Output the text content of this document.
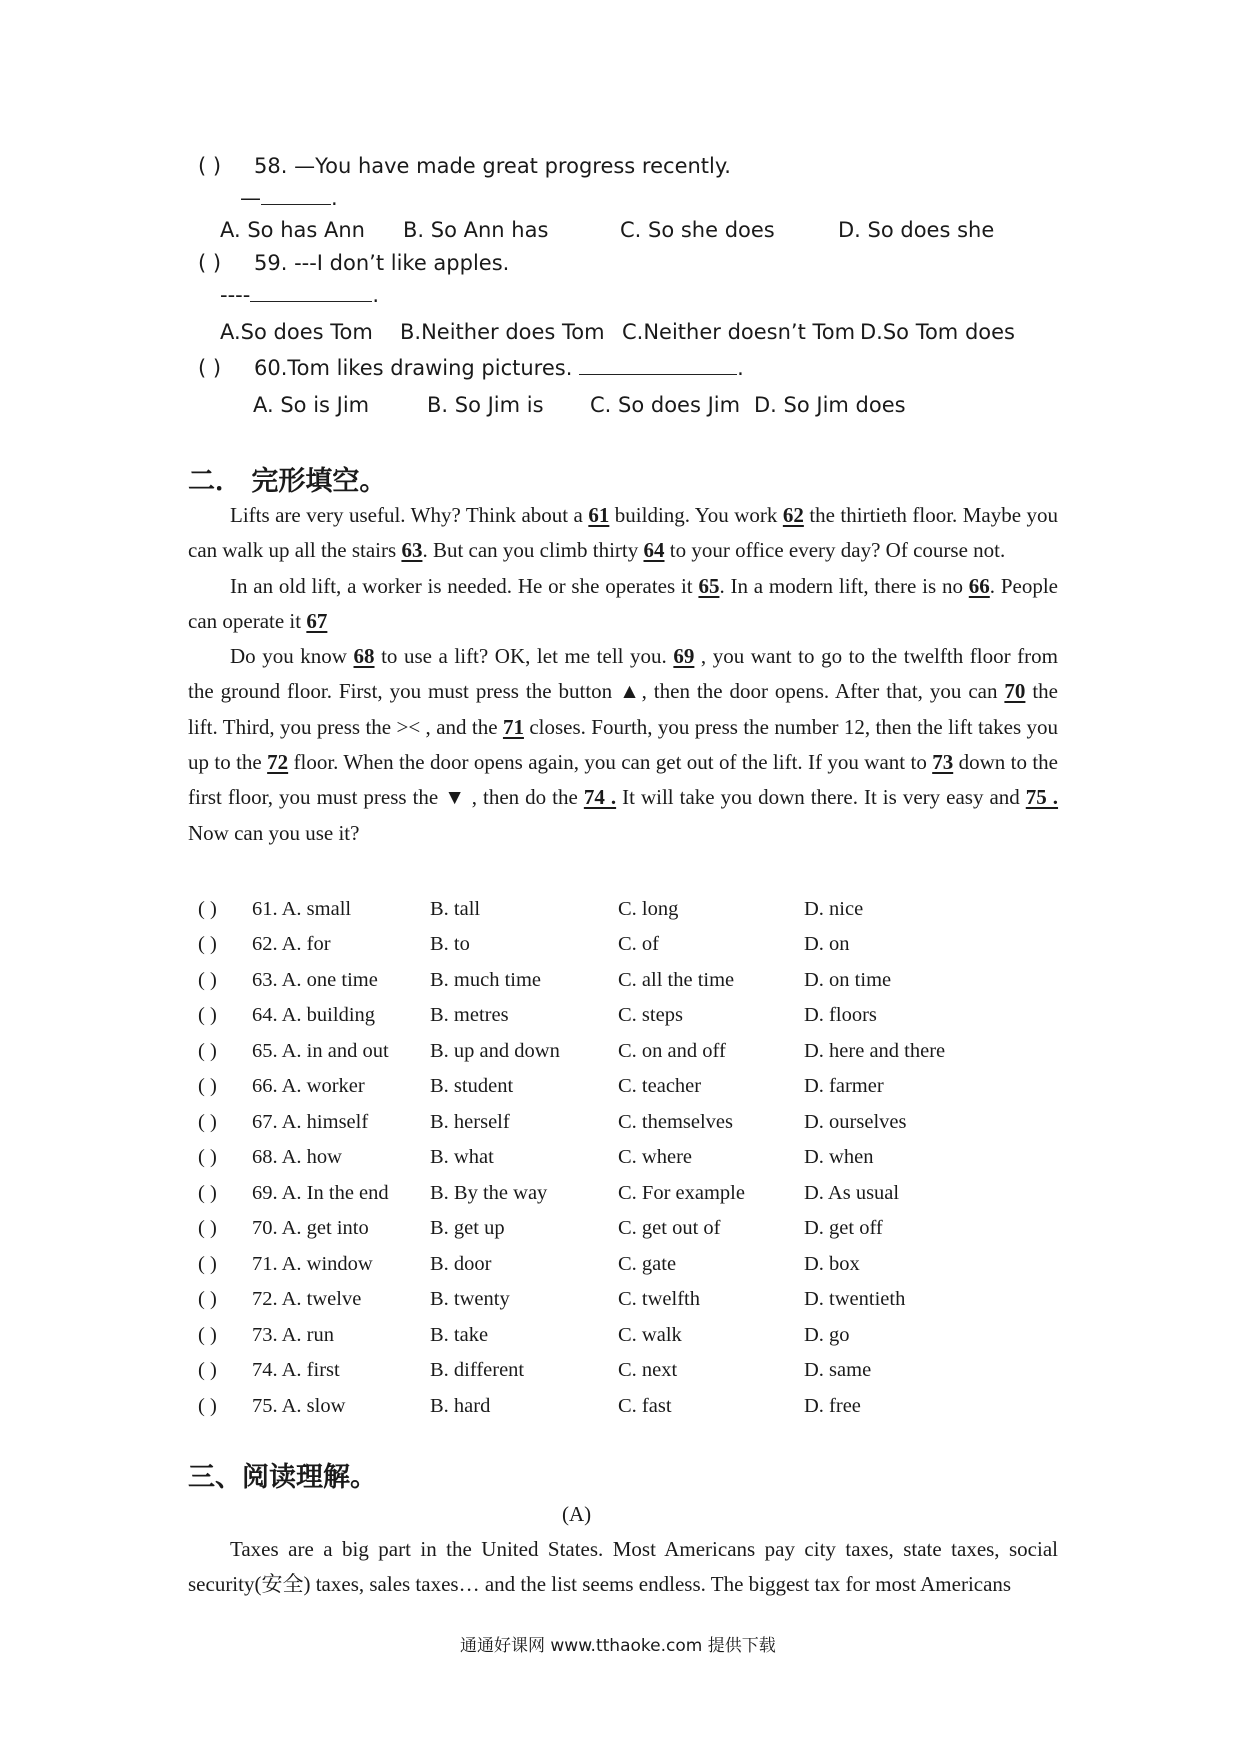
( ) 58. —You have made great progress recently.
—	.
A. So has Ann B. So Ann has	C. So she does	D. So does she
( ) 59. ---I don’t like apples.
----	.
A.So does Tom B.Neither does Tom C.Neither doesn’t Tom D.So Tom does
( ) 60.Tom likes drawing pictures.	.
A. So is Jim	B. So Jim is C. So does Jim D. So Jim does
二． 完形填空。

Lifts are very useful. Why? Think about a 61 building. You work 62 the thirtieth floor. Maybe you can walk up all the stairs 63. But can you climb thirty 64 to your office every day? Of course not.

In an old lift, a worker is needed. He or she operates it 65. In a modern lift, there is no 66. People can operate it 67

Do you know 68 to use a lift? OK, let me tell you. 69 , you want to go to the twelfth floor from the ground floor. First, you must press the button ▲, then the door opens. After that, you can 70 the lift. Third, you press the >< , and the 71 closes. Fourth, you press the number 12, then the lift takes you up to the 72 floor. When the door opens again, you can get out of the lift. If you want to 73 down to the first floor, you must press the ▼ , then do the 74 . It will take you down there. It is very easy and 75 . Now can you use it?

( ) 61. A. small	B. tall	C. long	D. nice
( ) 62. A. for	B. to	C. of	D. on
( ) 63. A. one time	B. much time	C. all the time	D. on time
( ) 64. A. building	B. metres	C. steps	D. floors
( ) 65. A. in and out B. up and down	C. on and off	D. here and there
( ) 66. A. worker	B. student	C. teacher	D. farmer
( ) 67. A. himself	B. herself	C. themselves	D. ourselves
( ) 68. A. how	B. what	C. where	D. when
( ) 69. A. In the end B. By the way	C. For example	D. As usual
( ) 70. A. get into	B. get up	C. get out of	D. get off
( ) 71. A. window	B. door	C. gate	D. box
( ) 72. A. twelve	B. twenty	C. twelfth	D. twentieth
( ) 73. A. run	B. take	C. walk	D. go
( ) 74. A. first	B. different	C. next	D. same
( ) 75. A. slow	B. hard	C. fast	D. free
三、阅读理解。
(A)

Taxes are a big part in the United States. Most Americans pay city taxes, state taxes, social security(安全) taxes, sales taxes… and the list seems endless. The biggest tax for most Americans

通通好课网 www.tthaoke.com 提供下载
